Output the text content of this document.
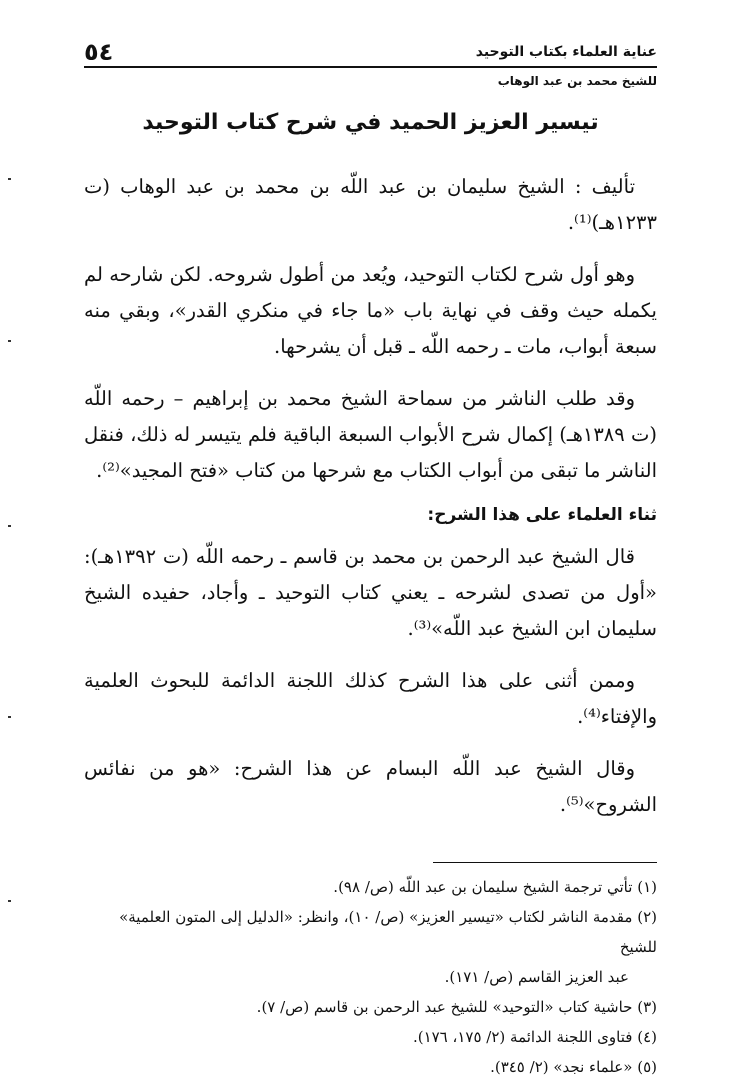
عناية العلماء بكتاب التوحيد
للشيخ محمد بن عبد الوهاب
٥٤
تيسير العزيز الحميد في شرح كتاب التوحيد

تأليف : الشيخ سليمان بن عبد اللّه بن محمد بن عبد الوهاب (ت ١٢٣٣هـ)⁽¹⁾.

وهو أول شرح لكتاب التوحيد، ويُعد من أطول شروحه. لكن شارحه لم يكمله حيث وقف في نهاية باب «ما جاء في منكري القدر»، وبقي منه سبعة أبواب، مات ـ رحمه اللّه ـ قبل أن يشرحها.

وقد طلب الناشر من سماحة الشيخ محمد بن إبراهيم – رحمه اللّه (ت ١٣٨٩هـ) إكمال شرح الأبواب السبعة الباقية فلم يتيسر له ذلك، فنقل الناشر ما تبقى من أبواب الكتاب مع شرحها من كتاب «فتح المجيد»⁽²⁾.

ثناء العلماء على هذا الشرح:

قال الشيخ عبد الرحمن بن محمد بن قاسم ـ رحمه اللّه (ت ١٣٩٢هـ): «أول من تصدى لشرحه ـ يعني كتاب التوحيد ـ وأجاد، حفيده الشيخ سليمان ابن الشيخ عبد اللّه»⁽³⁾.

وممن أثنى على هذا الشرح كذلك اللجنة الدائمة للبحوث العلمية والإفتاء⁽⁴⁾.

وقال الشيخ عبد اللّه البسام عن هذا الشرح: «هو من نفائس الشروح»⁽⁵⁾.

(١) تأتي ترجمة الشيخ سليمان بن عبد اللّه (ص/ ٩٨).

(٢) مقدمة الناشر لكتاب «تيسير العزيز» (ص/ ١٠)، وانظر: «الدليل إلى المتون العلمية» للشيخ
عبد العزيز القاسم (ص/ ١٧١).

(٣) حاشية كتاب «التوحيد» للشيخ عبد الرحمن بن قاسم (ص/ ٧).

(٤) فتاوى اللجنة الدائمة (٢/ ١٧٥، ١٧٦).

(٥) «علماء نجد» (٢/ ٣٤٥).
